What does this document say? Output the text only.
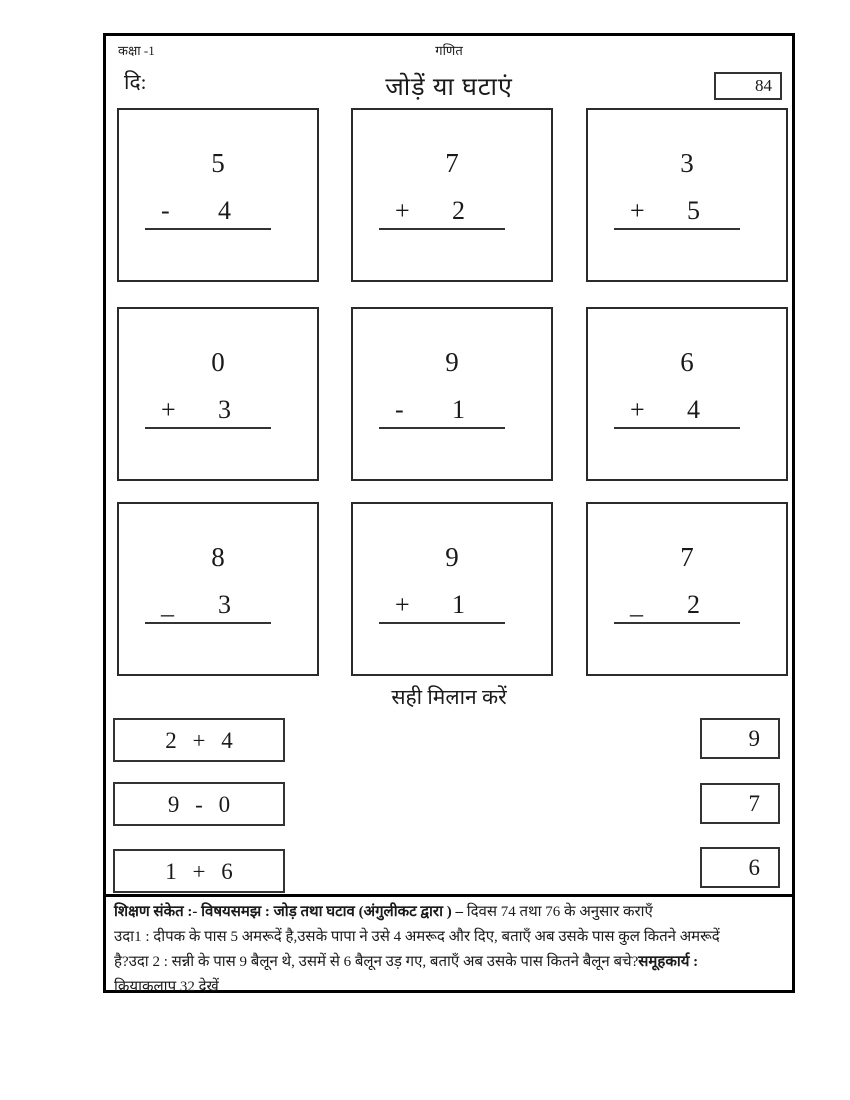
कक्षा -1	गणित
दि:	जोड़ें या घटाएं	84
5
- 4
7
+ 2
3
+ 5
0
+ 3
9
- 1
6
+ 4
8
_ 3
9
+ 1
7
_ 2
सही मिलान करें
2 + 4
9 - 0
1 + 6
9
7
6
शिक्षण संकेत :- विषयसमझ : जोड़ तथा घटाव (अंगुलीकट द्वारा ) – दिवस 74 तथा 76 के अनुसार कराएँ
उदा1 : दीपक के पास 5 अमरूदें है,उसके पापा ने उसे 4 अमरूद और दिए, बताएँ अब उसके पास कुल कितने अमरूदें
है?उदा 2 : सन्नी के पास 9 बैलून थे, उसमें से 6 बैलून उड़ गए, बताएँ अब उसके पास कितने बैलून बचे?समूहकार्य :
क्रियाकलाप 32 देखें
